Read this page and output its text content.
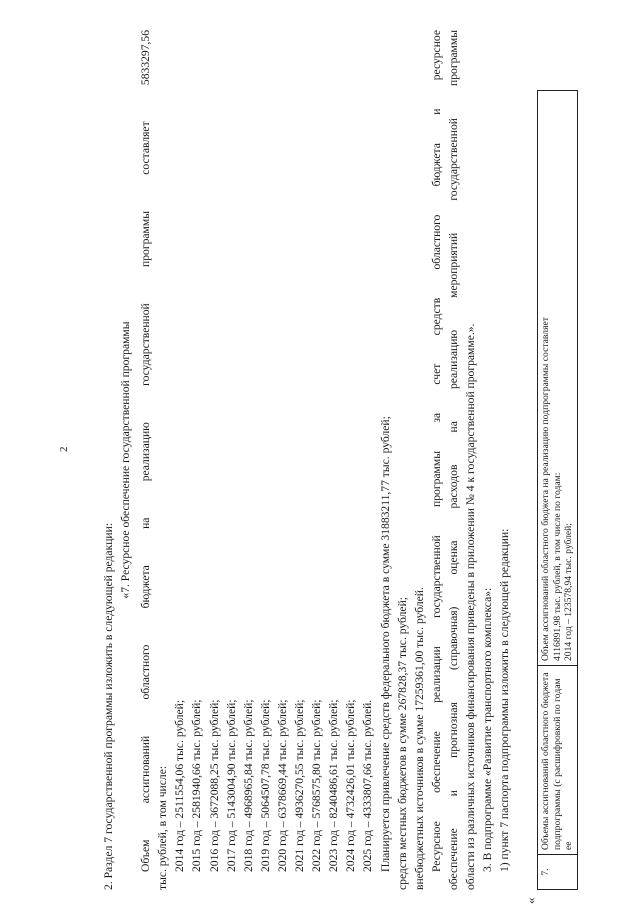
2

2. Раздел 7 государственной программы изложить в следующей редакции:

«7. Ресурсное обеспечение государственной программы Объем ассигнований областного бюджета на реализацию государственной программы составляет 5833297,56 тыс. рублей, в том числе: 2014 год – 2511554,06 тыс. рублей; 2015 год – 2581940,66 тыс. рублей; 2016 год – 3672088,25 тыс. рублей; 2017 год – 5143004,90 тыс. рублей; 2018 год – 4968965,84 тыс. рублей; 2019 год – 5064507,78 тыс. рублей; 2020 год – 6378669,44 тыс. рублей; 2021 год – 4936270,55 тыс. рублей; 2022 год – 5768575,80 тыс. рублей; 2023 год – 8240486,61 тыс. рублей; 2024 год – 4732426,01 тыс. рублей; 2025 год – 4333807,66 тыс. рублей. Планируется привлечение средств федерального бюджета в сумме 31883211,77 тыс. рублей; средств местных бюджетов в сумме 267828,37 тыс. рублей; внебюджетных источников в сумме 17259361,00 тыс. рублей. Ресурсное обеспечение реализации государственной программы за счет средств областного бюджета и ресурсное обеспечение и прогнозная (справочная) оценка расходов на реализацию мероприятий государственной программы области из различных источников финансирования приведены в приложении № 4 к государственной программе.». 3. В подпрограмме «Развитие транспортного комплекса»: 1) пункт 7 паспорта подпрограммы изложить в следующей редакции:

«
7.	Объемы ассигнований областного бюджета подпрограммы (с расшифровкой по годам ее	
Объем ассигнований областного бюджета на реализацию подпрограммы составляет 4116891,98 тыс. рублей, в том числе по годам: 2014 год – 123578,94 тыс. рублей;
